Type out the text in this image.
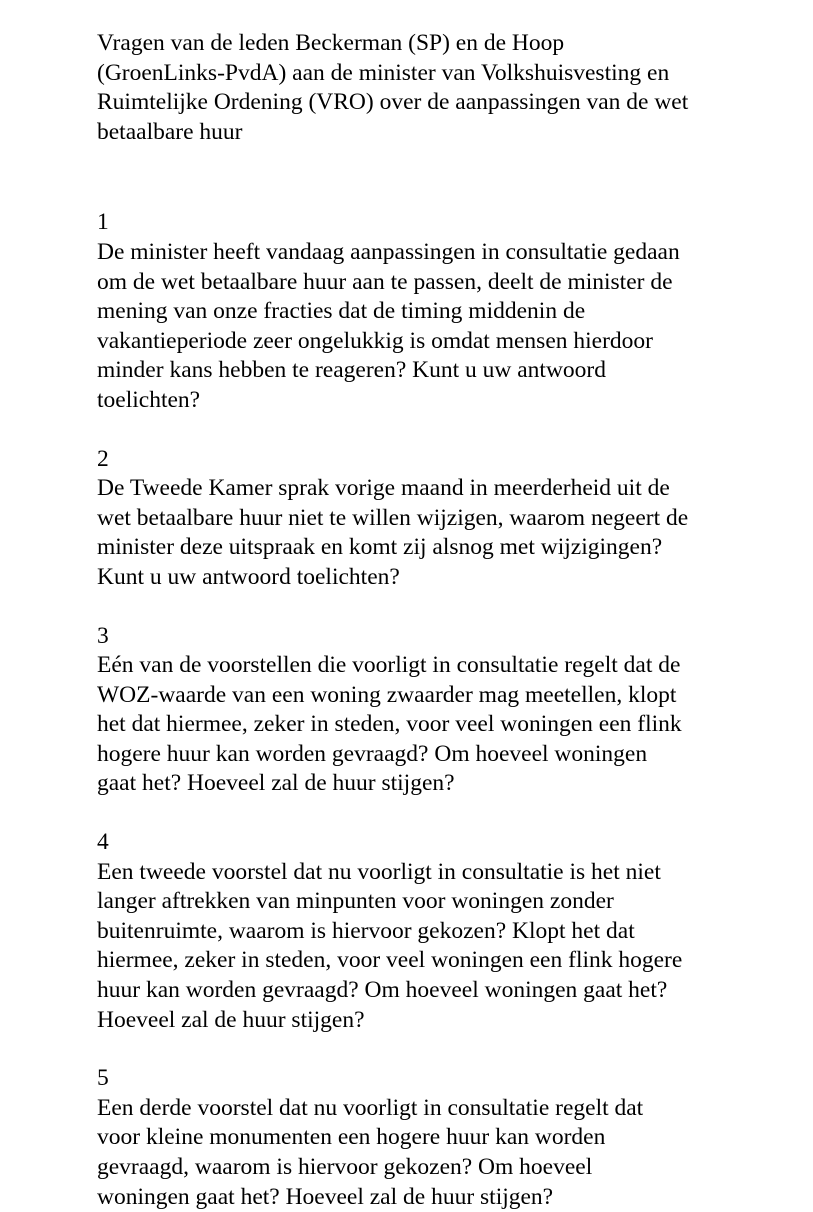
Vragen van de leden Beckerman (SP) en de Hoop
(GroenLinks-PvdA) aan de minister van Volkshuisvesting en
Ruimtelijke Ordening (VRO) over de aanpassingen van de wet
betaalbare huur

1
De minister heeft vandaag aanpassingen in consultatie gedaan
om de wet betaalbare huur aan te passen, deelt de minister de
mening van onze fracties dat de timing middenin de
vakantieperiode zeer ongelukkig is omdat mensen hierdoor
minder kans hebben te reageren? Kunt u uw antwoord
toelichten?
2
De Tweede Kamer sprak vorige maand in meerderheid uit de
wet betaalbare huur niet te willen wijzigen, waarom negeert de
minister deze uitspraak en komt zij alsnog met wijzigingen?
Kunt u uw antwoord toelichten?
3
Eén van de voorstellen die voorligt in consultatie regelt dat de
WOZ-waarde van een woning zwaarder mag meetellen, klopt
het dat hiermee, zeker in steden, voor veel woningen een flink
hogere huur kan worden gevraagd? Om hoeveel woningen
gaat het? Hoeveel zal de huur stijgen?
4
Een tweede voorstel dat nu voorligt in consultatie is het niet
langer aftrekken van minpunten voor woningen zonder
buitenruimte, waarom is hiervoor gekozen? Klopt het dat
hiermee, zeker in steden, voor veel woningen een flink hogere
huur kan worden gevraagd? Om hoeveel woningen gaat het?
Hoeveel zal de huur stijgen?
5
Een derde voorstel dat nu voorligt in consultatie regelt dat
voor kleine monumenten een hogere huur kan worden
gevraagd, waarom is hiervoor gekozen? Om hoeveel
woningen gaat het? Hoeveel zal de huur stijgen?
